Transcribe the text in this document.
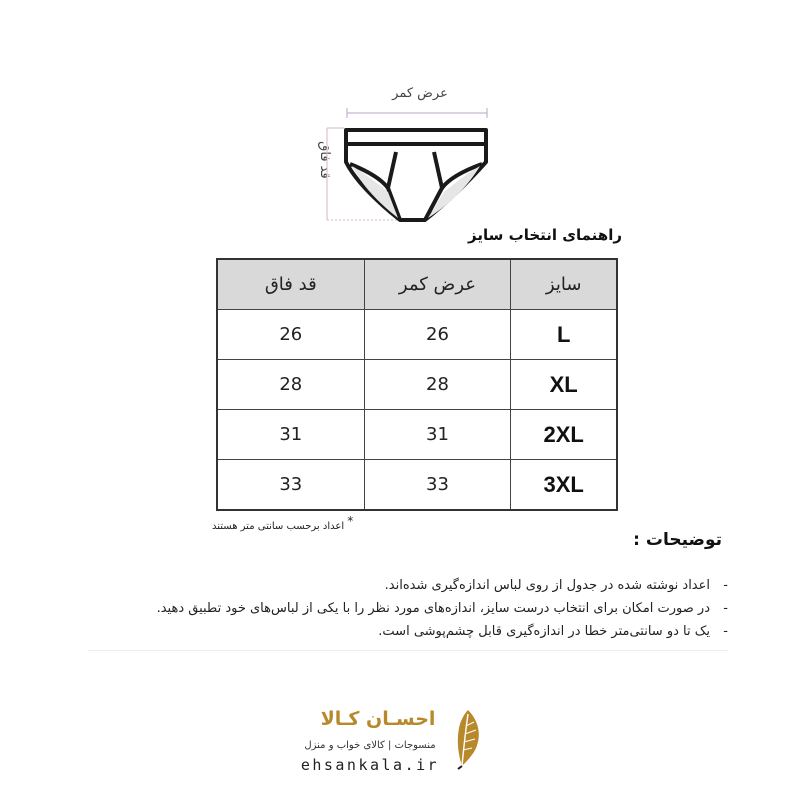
عرض کمر
قد فاق
راهنمای انتخاب سایز
سایز	عرض کمر	قد فاق
L	26	26
XL	28	28
2XL	31	31
3XL	33	33
* اعداد برحسب سانتی متر هستند
توضیحات :
-اعداد نوشته شده در جدول از روی لباس اندازه‌گیری شده‌اند.
-در صورت امکان برای انتخاب درست سایز، اندازه‌های مورد نظر را با یکی از لباس‌های خود تطبیق دهید.
-یک تا دو سانتی‌متر خطا در اندازه‌گیری قابل چشم‌پوشی است.
احسـان کـالا
منسوجات | کالای خواب و منزل
ehsankala.ir
